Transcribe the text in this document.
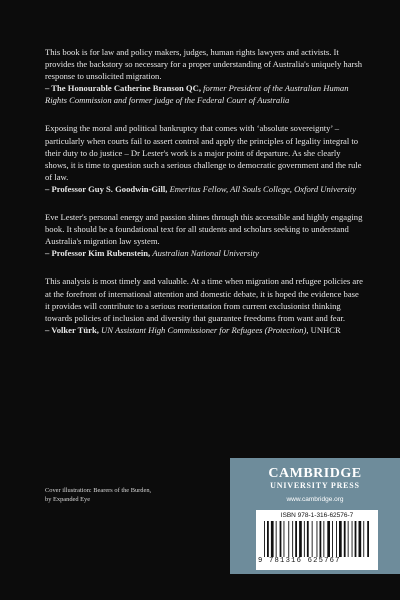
This book is for law and policy makers, judges, human rights lawyers and activists. It provides the backstory so necessary for a proper understanding of Australia's uniquely harsh response to unsolicited migration.

– The Honourable Catherine Branson QC, former President of the Australian Human Rights Commission and former judge of the Federal Court of Australia

Exposing the moral and political bankruptcy that comes with ‘absolute sovereignty’ – particularly when courts fail to assert control and apply the principles of legality integral to their duty to do justice – Dr Lester's work is a major point of departure. As she clearly shows, it is time to question such a serious challenge to democratic government and the rule of law.

– Professor Guy S. Goodwin-Gill, Emeritus Fellow, All Souls College, Oxford University

Eve Lester's personal energy and passion shines through this accessible and highly engaging book. It should be a foundational text for all students and scholars seeking to understand Australia's migration law system.

– Professor Kim Rubenstein, Australian National University

This analysis is most timely and valuable. At a time when migration and refugee policies are at the forefront of international attention and domestic debate, it is hoped the evidence base it provides will contribute to a serious reorientation from current exclusionist thinking towards policies of inclusion and diversity that guarantee freedoms from want and fear.

– Volker Türk, UN Assistant High Commissioner for Refugees (Protection), UNHCR

Cover illustration: Bearers of the Burden,
by Expanded Eye
CAMBRIDGE
UNIVERSITY PRESS
www.cambridge.org
ISBN 978-1-316-62576-7
9 781316 625767
